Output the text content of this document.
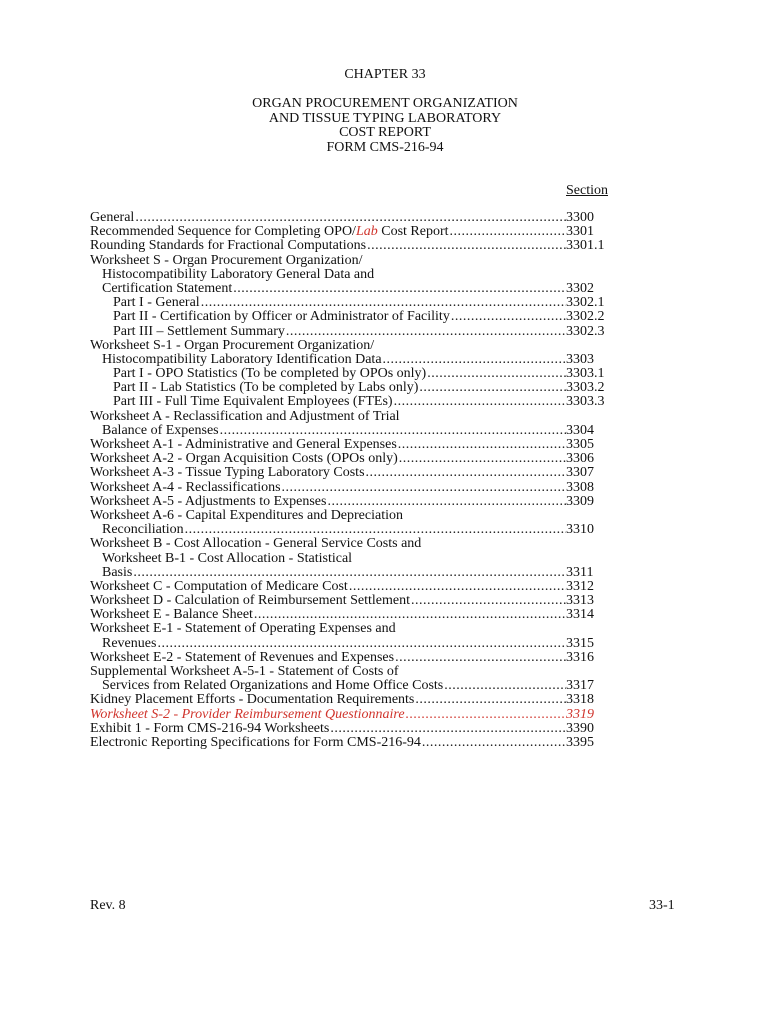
CHAPTER 33
ORGAN PROCUREMENT ORGANIZATION
AND TISSUE TYPING LABORATORY
COST REPORT
FORM CMS-216-94
Section
General .....	3300
Recommended Sequence for Completing OPO/Lab Cost Report .....	3301
Rounding Standards for Fractional Computations .....	3301.1
Worksheet S - Organ Procurement Organization/
Histocompatibility Laboratory General Data and
Certification Statement .....	3302
Part I - General .....	3302.1
Part II - Certification by Officer or Administrator of Facility .....	3302.2
Part III – Settlement Summary .....	3302.3
Worksheet S-1 - Organ Procurement Organization/
Histocompatibility Laboratory Identification Data .....	3303
Part I - OPO Statistics (To be completed by OPOs only) .....	3303.1
Part II - Lab Statistics (To be completed by Labs only) .....	3303.2
Part III - Full Time Equivalent Employees (FTEs) .....	3303.3
Worksheet A - Reclassification and Adjustment of Trial
Balance of Expenses .....	3304
Worksheet A-1 - Administrative and General Expenses .....	3305
Worksheet A-2 - Organ Acquisition Costs (OPOs only) .....	3306
Worksheet A-3 - Tissue Typing Laboratory Costs .....	3307
Worksheet A-4 - Reclassifications .....	3308
Worksheet A-5 - Adjustments to Expenses .....	3309
Worksheet A-6 - Capital Expenditures and Depreciation
Reconciliation .....	3310
Worksheet B - Cost Allocation - General Service Costs and
Worksheet B-1 - Cost Allocation - Statistical
Basis .....	3311
Worksheet C - Computation of Medicare Cost .....	3312
Worksheet D - Calculation of Reimbursement Settlement .....	3313
Worksheet E - Balance Sheet .....	3314
Worksheet E-1 - Statement of Operating Expenses and
Revenues .....	3315
Worksheet E-2 - Statement of Revenues and Expenses .....	3316
Supplemental Worksheet A-5-1 - Statement of Costs of
Services from Related Organizations and Home Office Costs .....	3317
Kidney Placement Efforts - Documentation Requirements .....	3318
Worksheet S-2 - Provider Reimbursement Questionnaire .....	3319
Exhibit 1 - Form CMS-216-94 Worksheets .....	3390
Electronic Reporting Specifications for Form CMS-216-94 .....	3395
Rev. 8	33-1
